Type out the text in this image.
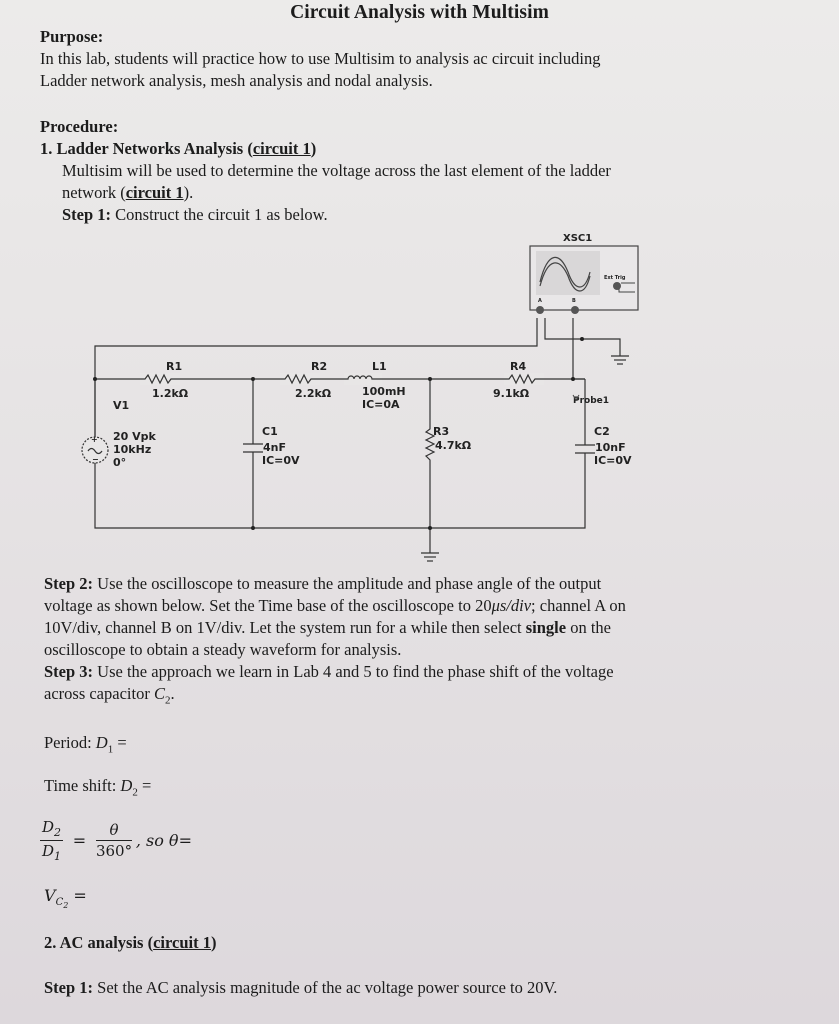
Circuit Analysis with Multisim
Purpose:
In this lab, students will practice how to use Multisim to analysis ac circuit including
Ladder network analysis, mesh analysis and nodal analysis.
Procedure:
1. Ladder Networks Analysis (circuit 1)
Multisim will be used to determine the voltage across the last element of the ladder
network (circuit 1).
Step 1: Construct the circuit 1 as below.
+
−
XSC1
A	B
Ext Trig
R1
1.2kΩ
R2
2.2kΩ
L1
100mH
IC=0A
R4
9.1kΩ
V1
20 Vpk
10kHz
0°
C1
4nF
IC=0V
R3
4.7kΩ
C2
10nF
IC=0V
Probe1
Step 2: Use the oscilloscope to measure the amplitude and phase angle of the output
voltage as shown below. Set the Time base of the oscilloscope to 20μs/div; channel A on
10V/div, channel B on 1V/div. Let the system run for a while then select single on the
oscilloscope to obtain a steady waveform for analysis.
Step 3: Use the approach we learn in Lab 4 and 5 to find the phase shift of the voltage
across capacitor $C_2$.
Period: $D_1$ =
Time shift: $D_2$ =
$\frac{D_2}{D_1} = \frac{\theta}{360^\circ}$ , so θ=
$V_{C_2}$ =
2. AC analysis (circuit 1)
Step 1: Set the AC analysis magnitude of the ac voltage power source to 20V.
